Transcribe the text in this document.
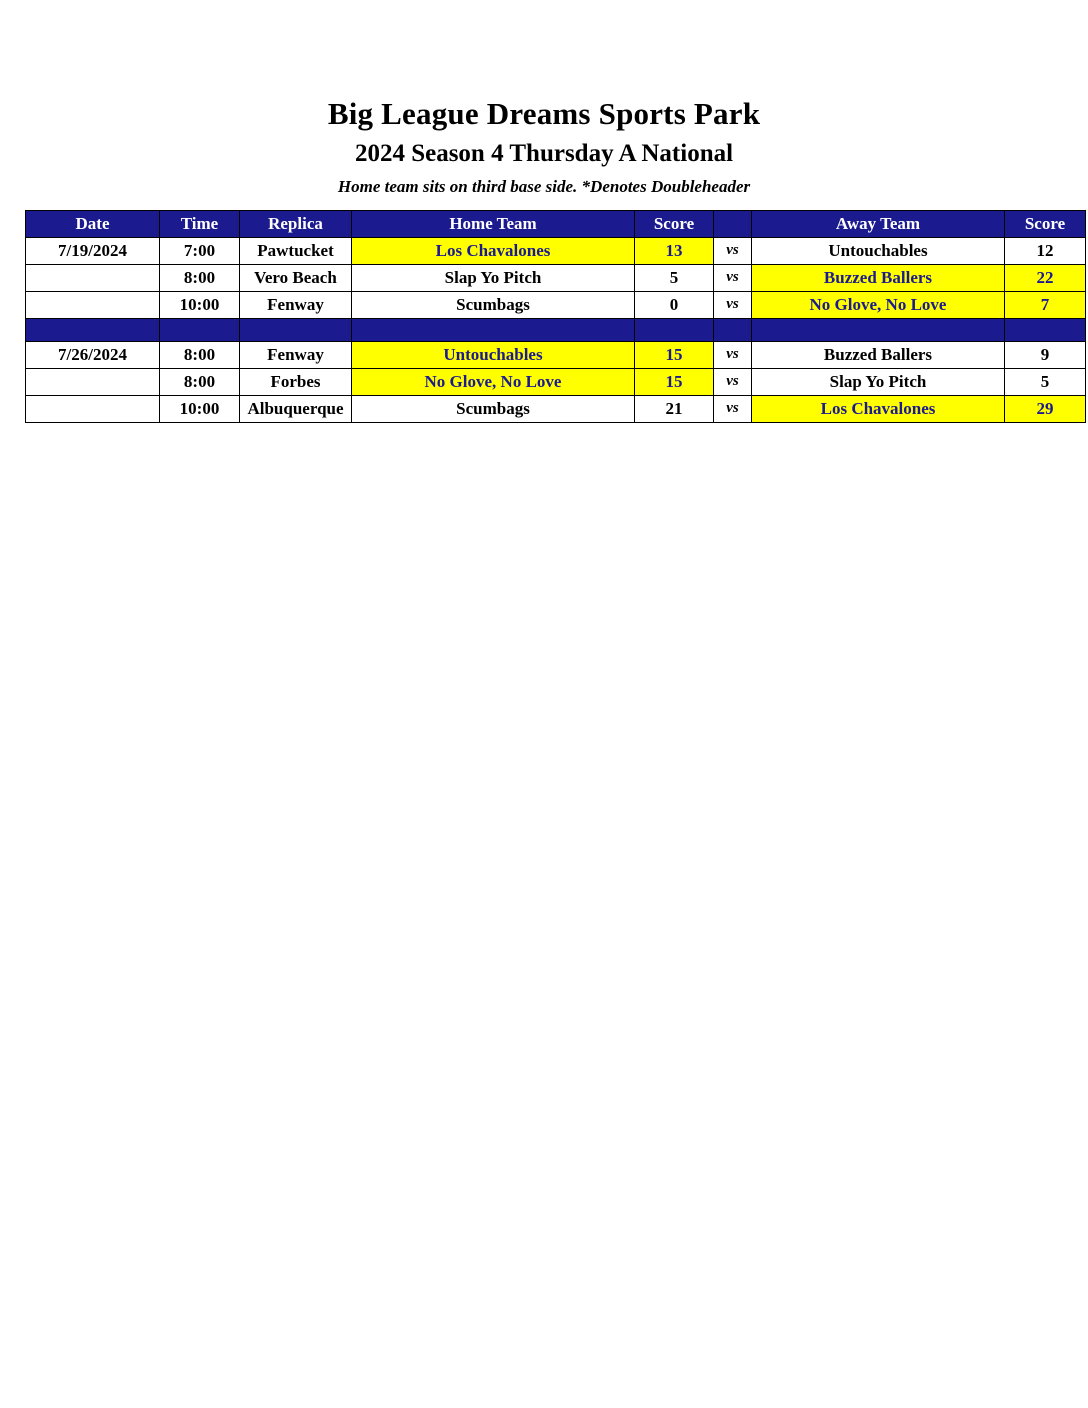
Big League Dreams Sports Park
2024 Season 4 Thursday A National

Home team sits on third base side. *Denotes Doubleheader

Date	Time	Replica	Home Team	Score		Away Team	Score
7/19/2024	7:00	Pawtucket	Los Chavalones	13	vs	Untouchables	12
	8:00	Vero Beach	Slap Yo Pitch	5	vs	Buzzed Ballers	22
	10:00	Fenway	Scumbags	0	vs	No Glove, No Love	7

7/26/2024	8:00	Fenway	Untouchables	15	vs	Buzzed Ballers	9
	8:00	Forbes	No Glove, No Love	15	vs	Slap Yo Pitch	5
	10:00	Albuquerque	Scumbags	21	vs	Los Chavalones	29
